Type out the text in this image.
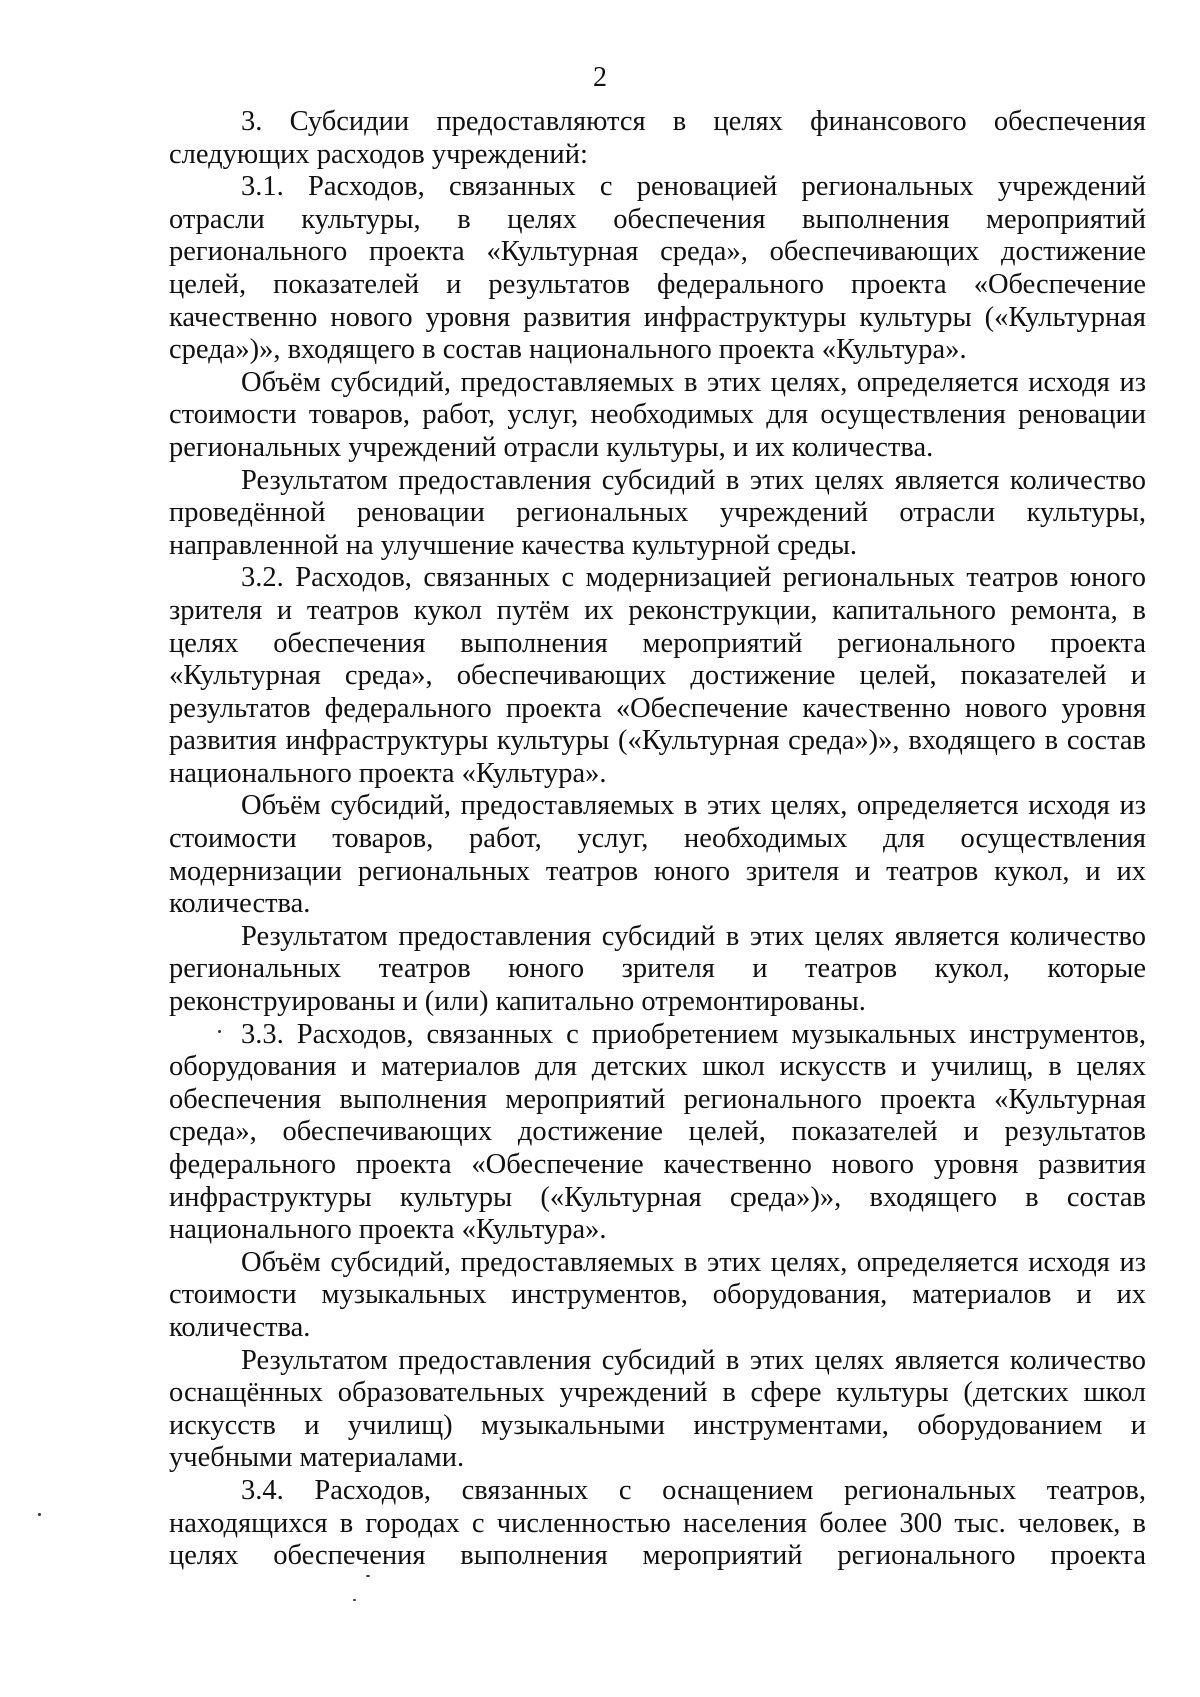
2

3. Субсидии предоставляются в целях финансового обеспечения следующих расходов учреждений:

3.1. Расходов, связанных с реновацией региональных учреждений отрасли культуры, в целях обеспечения выполнения мероприятий регионального проекта «Культурная среда», обеспечивающих достижение целей, показателей и результатов федерального проекта «Обеспечение качественно нового уровня развития инфраструктуры культуры («Культурная среда»)», входящего в состав национального проекта «Культура».

Объём субсидий, предоставляемых в этих целях, определяется исходя из стоимости товаров, работ, услуг, необходимых для осуществления реновации региональных учреждений отрасли культуры, и их количества.

Результатом предоставления субсидий в этих целях является количество проведённой реновации региональных учреждений отрасли культуры, направленной на улучшение качества культурной среды.

3.2. Расходов, связанных с модернизацией региональных театров юного зрителя и театров кукол путём их реконструкции, капитального ремонта, в целях обеспечения выполнения мероприятий регионального проекта «Культурная среда», обеспечивающих достижение целей, показателей и результатов федерального проекта «Обеспечение качественно нового уровня развития инфраструктуры культуры («Культурная среда»)», входящего в состав национального проекта «Культура».

Объём субсидий, предоставляемых в этих целях, определяется исходя из стоимости товаров, работ, услуг, необходимых для осуществления модернизации региональных театров юного зрителя и театров кукол, и их количества.

Результатом предоставления субсидий в этих целях является количество региональных театров юного зрителя и театров кукол, которые реконструированы и (или) капитально отремонтированы.

3.3. Расходов, связанных с приобретением музыкальных инструментов, оборудования и материалов для детских школ искусств и училищ, в целях обеспечения выполнения мероприятий регионального проекта «Культурная среда», обеспечивающих достижение целей, показателей и результатов федерального проекта «Обеспечение качественно нового уровня развития инфраструктуры культуры («Культурная среда»)», входящего в состав национального проекта «Культура».

Объём субсидий, предоставляемых в этих целях, определяется исходя из стоимости музыкальных инструментов, оборудования, материалов и их количества.

Результатом предоставления субсидий в этих целях является количество оснащённых образовательных учреждений в сфере культуры (детских школ искусств и училищ) музыкальными инструментами, оборудованием и учебными материалами.

3.4. Расходов, связанных с оснащением региональных театров, находящихся в городах с численностью населения более 300 тыс. человек, в целях обеспечения выполнения мероприятий регионального проекта
